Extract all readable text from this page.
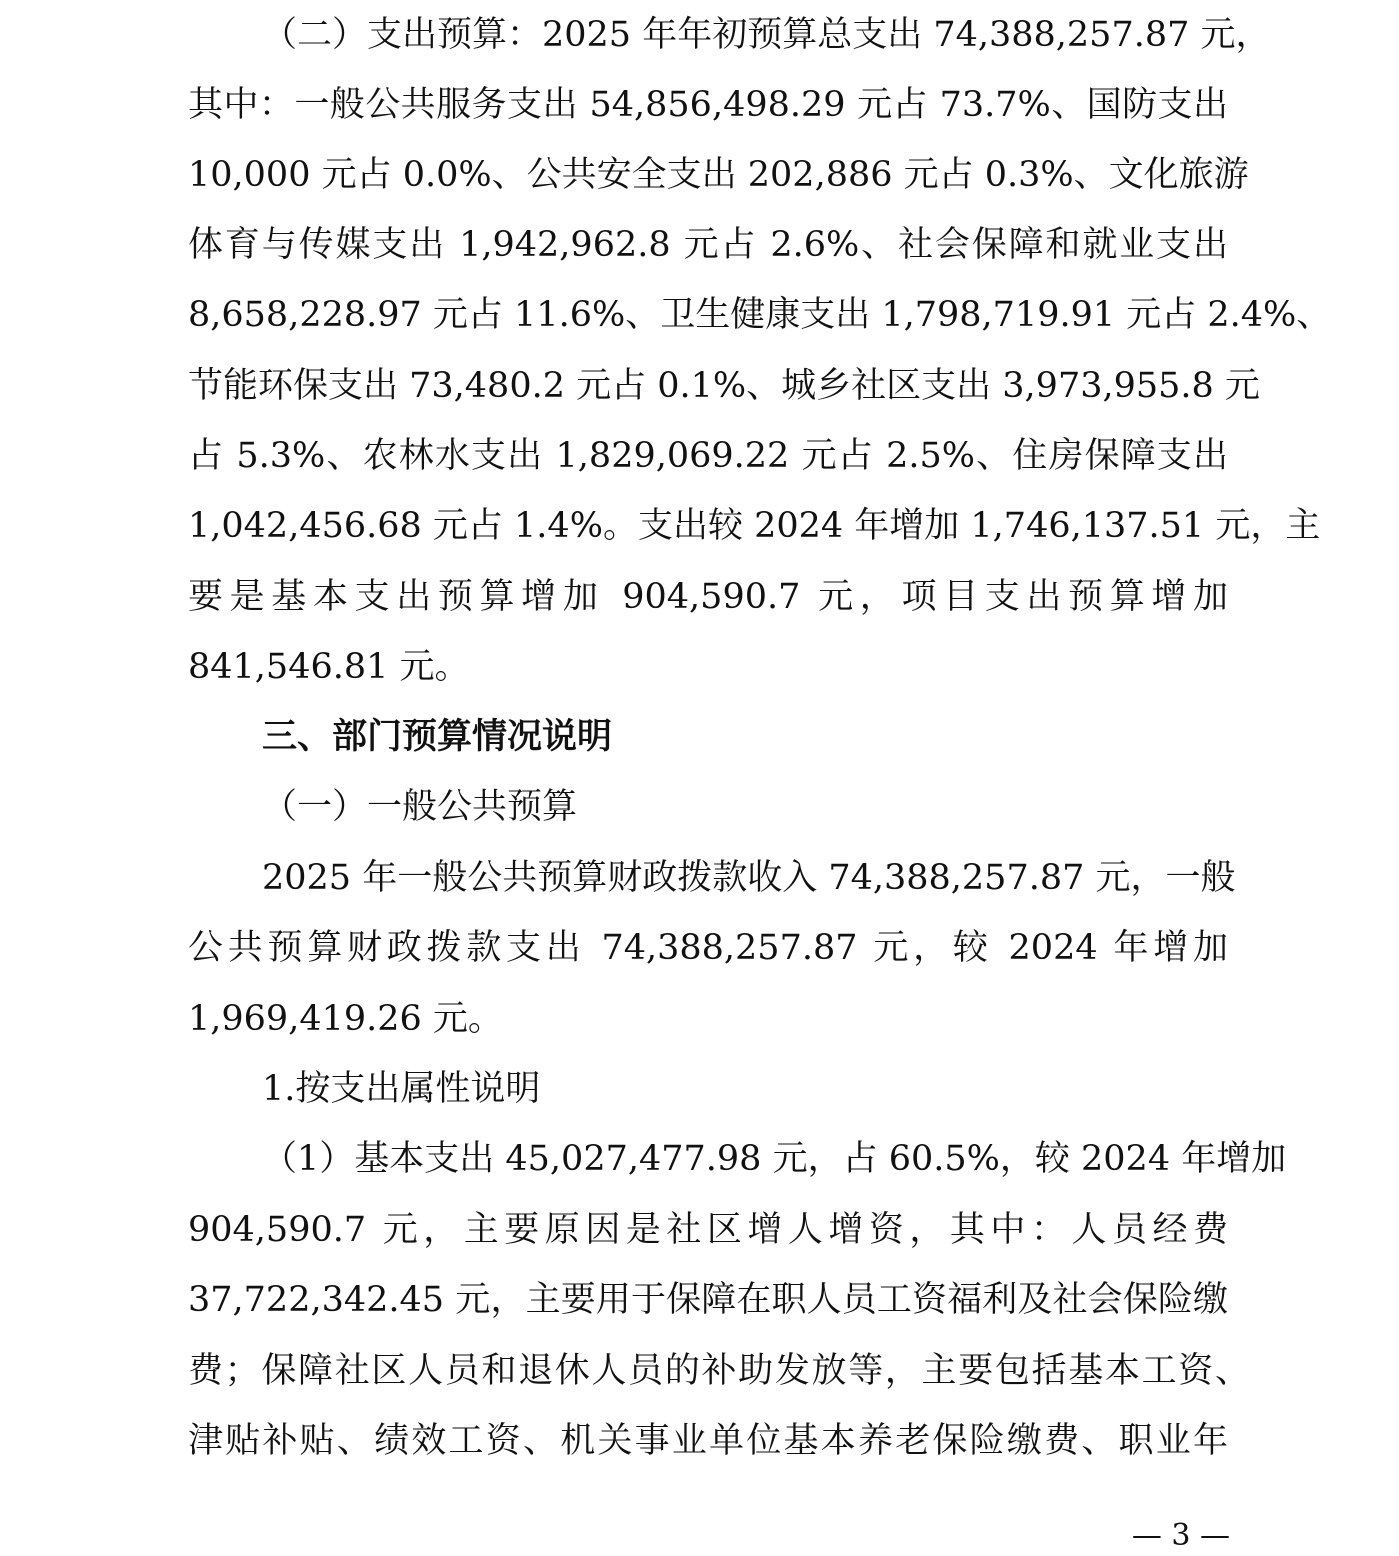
（二）支出预算：2025 年年初预算总支出 74,388,257.87 元，
其中：一般公共服务支出 54,856,498.29 元占 73.7%、国防支出
10,000 元占 0.0%、公共安全支出 202,886 元占 0.3%、文化旅游
体育与传媒支出 1,942,962.8 元占 2.6%、社会保障和就业支出
8,658,228.97 元占 11.6%、卫生健康支出 1,798,719.91 元占 2.4%、
节能环保支出 73,480.2 元占 0.1%、城乡社区支出 3,973,955.8 元
占 5.3%、农林水支出 1,829,069.22 元占 2.5%、住房保障支出
1,042,456.68 元占 1.4%。支出较 2024 年增加 1,746,137.51 元，主
要是基本支出预算增加 904,590.7 元，项目支出预算增加
841,546.81 元。
三、部门预算情况说明
（一）一般公共预算
2025 年一般公共预算财政拨款收入 74,388,257.87 元，一般
公共预算财政拨款支出 74,388,257.87 元，较 2024 年增加
1,969,419.26 元。
1.按支出属性说明
（1）基本支出 45,027,477.98 元，占 60.5%，较 2024 年增加
904,590.7 元，主要原因是社区增人增资，其中：人员经费
37,722,342.45 元，主要用于保障在职人员工资福利及社会保险缴
费；保障社区人员和退休人员的补助发放等，主要包括基本工资、
津贴补贴、绩效工资、机关事业单位基本养老保险缴费、职业年
— 3 —
